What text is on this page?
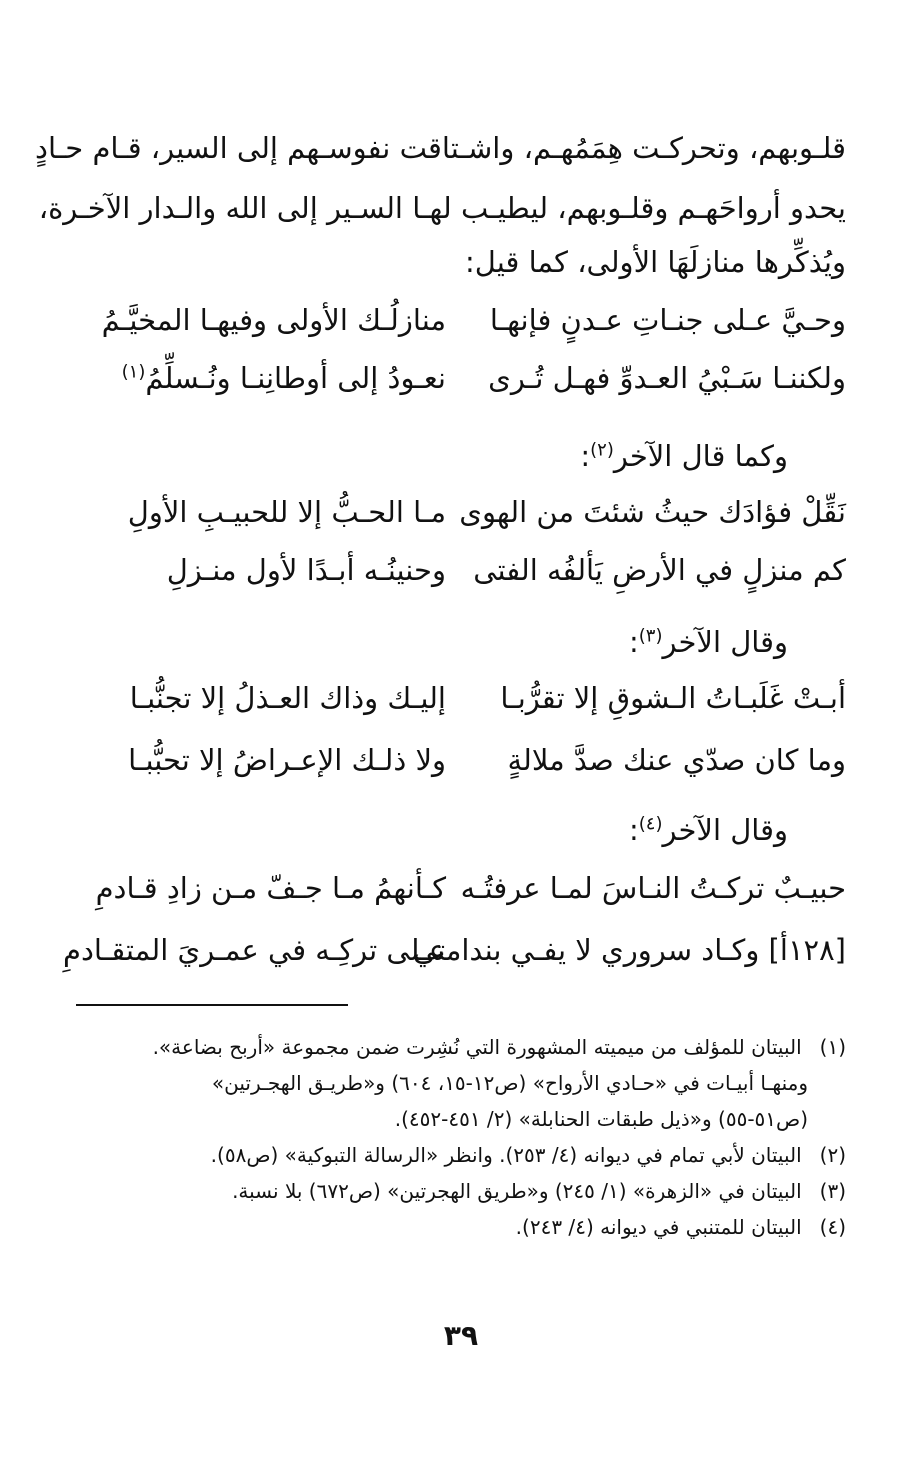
قلـوبهم، وتحركـت هِمَمُهـم، واشـتاقت نفوسـهم إلى السير، قـام حـادٍ
يحدو أرواحَهـم وقلـوبهم، ليطيـب لهـا السـير إلى الله والـدار الآخـرة،
ويُذكِّرها منازلَهَا الأولى، كما قيل:
وحـيَّ عـلى جنـاتِ عـدنٍ فإنهـا
منازلُـك الأولى وفيهـا المخيَّـمُ
ولكننـا سَـبْيُ العـدوِّ فهـل تُـرى
نعـودُ إلى أوطانِنـا ونُـسلِّمُ$^{(١)}$
وكما قال الآخر$^{(٢)}$:
نَقِّلْ فؤادَك حيثُ شئتَ من الهوى
مـا الحـبُّ إلا للحبيـبِ الأولِ
كم منزلٍ في الأرضِ يَألفُه الفتى
وحنينُـه أبـدًا لأول منـزلِ
وقال الآخر$^{(٣)}$:
أبـتْ غَلَبـاتُ الـشوقِ إلا تقرُّبـا
إليـك وذاك العـذلُ إلا تجنُّبـا
وما كان صدّي عنك صدَّ ملالةٍ
ولا ذلـك الإعـراضُ إلا تحبُّبـا
وقال الآخر$^{(٤)}$:
حبيـبٌ تركـتُ النـاسَ لمـا عرفتُـه
كـأنهمُ مـا جـفّ مـن زادِ قـادمِ
[١٢٨أ] وكـاد سروري لا يفـي بندامتي
عـلى تركِـه في عمـريَ المتقـادمِ
(١) البيتان للمؤلف من ميميته المشهورة التي نُشِرت ضمن مجموعة «أربح بضاعة».
ومنهـا أبيـات في «حـادي الأرواح» (ص١٢-١٥، ٦٠٤) و«طريـق الهجـرتين»
(ص٥١-٥٥) و«ذيل طبقات الحنابلة» (٢/ ٤٥١-٤٥٢).
(٢) البيتان لأبي تمام في ديوانه (٤/ ٢٥٣). وانظر «الرسالة التبوكية» (ص٥٨).
(٣) البيتان في «الزهرة» (١/ ٢٤٥) و«طريق الهجرتين» (ص٦٧٢) بلا نسبة.
(٤) البيتان للمتنبي في ديوانه (٤/ ٢٤٣).
٣٩
